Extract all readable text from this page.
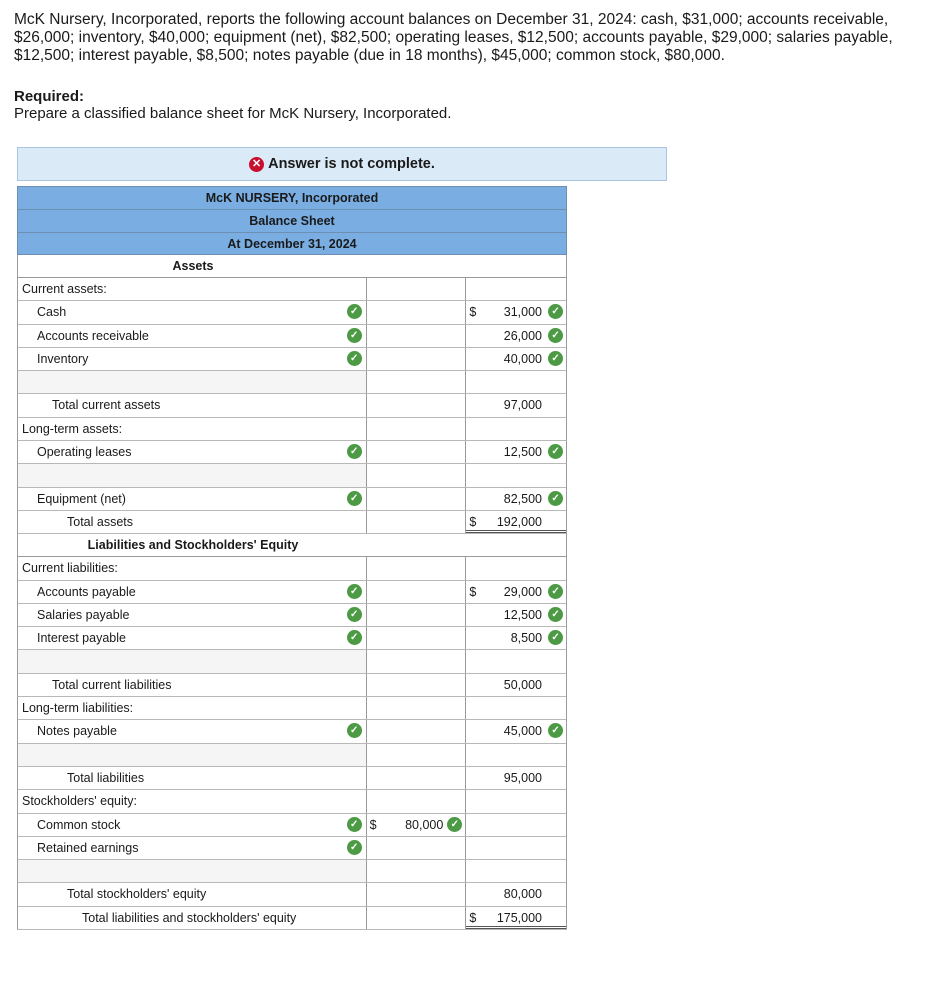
McK Nursery, Incorporated, reports the following account balances on December 31, 2024: cash, $31,000; accounts receivable, $26,000; inventory, $40,000; equipment (net), $82,500; operating leases, $12,500; accounts payable, $29,000; salaries payable, $12,500; interest payable, $8,500; notes payable (due in 18 months), $45,000; common stock, $80,000.
Required:
Prepare a classified balance sheet for McK Nursery, Incorporated.
✕ Answer is not complete.
McK NURSERY, Incorporated
Balance Sheet
At December 31, 2024
Assets
Current assets:
Cash	✓	$ 31,000 ✓
Accounts receivable	✓	26,000 ✓
Inventory	✓	40,000 ✓
Total current assets	97,000
Long-term assets:
Operating leases	✓	12,500 ✓
Equipment (net)	✓	82,500 ✓
Total assets	$ 192,000
Liabilities and Stockholders' Equity
Current liabilities:
Accounts payable	✓	$ 29,000 ✓
Salaries payable	✓	12,500 ✓
Interest payable	✓	8,500 ✓
Total current liabilities	50,000
Long-term liabilities:
Notes payable	✓	45,000 ✓
Total liabilities	95,000
Stockholders' equity:
Common stock	✓ $ 80,000 ✓
Retained earnings	✓
Total stockholders' equity	80,000
Total liabilities and stockholders' equity	$ 175,000
